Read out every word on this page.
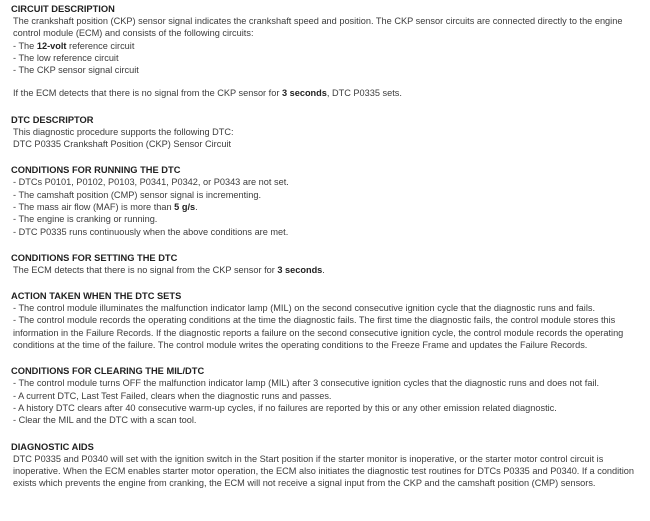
CIRCUIT DESCRIPTION

The crankshaft position (CKP) sensor signal indicates the crankshaft speed and position. The CKP sensor circuits are connected directly to the engine control module (ECM) and consists of the following circuits:

- The 12-volt reference circuit

- The low reference circuit

- The CKP sensor signal circuit

If the ECM detects that there is no signal from the CKP sensor for 3 seconds, DTC P0335 sets.

DTC DESCRIPTOR

This diagnostic procedure supports the following DTC:

DTC P0335 Crankshaft Position (CKP) Sensor Circuit

CONDITIONS FOR RUNNING THE DTC

- DTCs P0101, P0102, P0103, P0341, P0342, or P0343 are not set.

- The camshaft position (CMP) sensor signal is incrementing.

- The mass air flow (MAF) is more than 5 g/s.

- The engine is cranking or running.

- DTC P0335 runs continuously when the above conditions are met.

CONDITIONS FOR SETTING THE DTC

The ECM detects that there is no signal from the CKP sensor for 3 seconds.

ACTION TAKEN WHEN THE DTC SETS

- The control module illuminates the malfunction indicator lamp (MIL) on the second consecutive ignition cycle that the diagnostic runs and fails.

- The control module records the operating conditions at the time the diagnostic fails. The first time the diagnostic fails, the control module stores this information in the Failure Records. If the diagnostic reports a failure on the second consecutive ignition cycle, the control module records the operating conditions at the time of the failure. The control module writes the operating conditions to the Freeze Frame and updates the Failure Records.

CONDITIONS FOR CLEARING THE MIL/DTC

- The control module turns OFF the malfunction indicator lamp (MIL) after 3 consecutive ignition cycles that the diagnostic runs and does not fail.

- A current DTC, Last Test Failed, clears when the diagnostic runs and passes.

- A history DTC clears after 40 consecutive warm-up cycles, if no failures are reported by this or any other emission related diagnostic.

- Clear the MIL and the DTC with a scan tool.

DIAGNOSTIC AIDS

DTC P0335 and P0340 will set with the ignition switch in the Start position if the starter monitor is inoperative, or the starter motor control circuit is inoperative. When the ECM enables starter motor operation, the ECM also initiates the diagnostic test routines for DTCs P0335 and P0340. If a condition exists which prevents the engine from cranking, the ECM will not receive a signal input from the CKP and the camshaft position (CMP) sensors.
